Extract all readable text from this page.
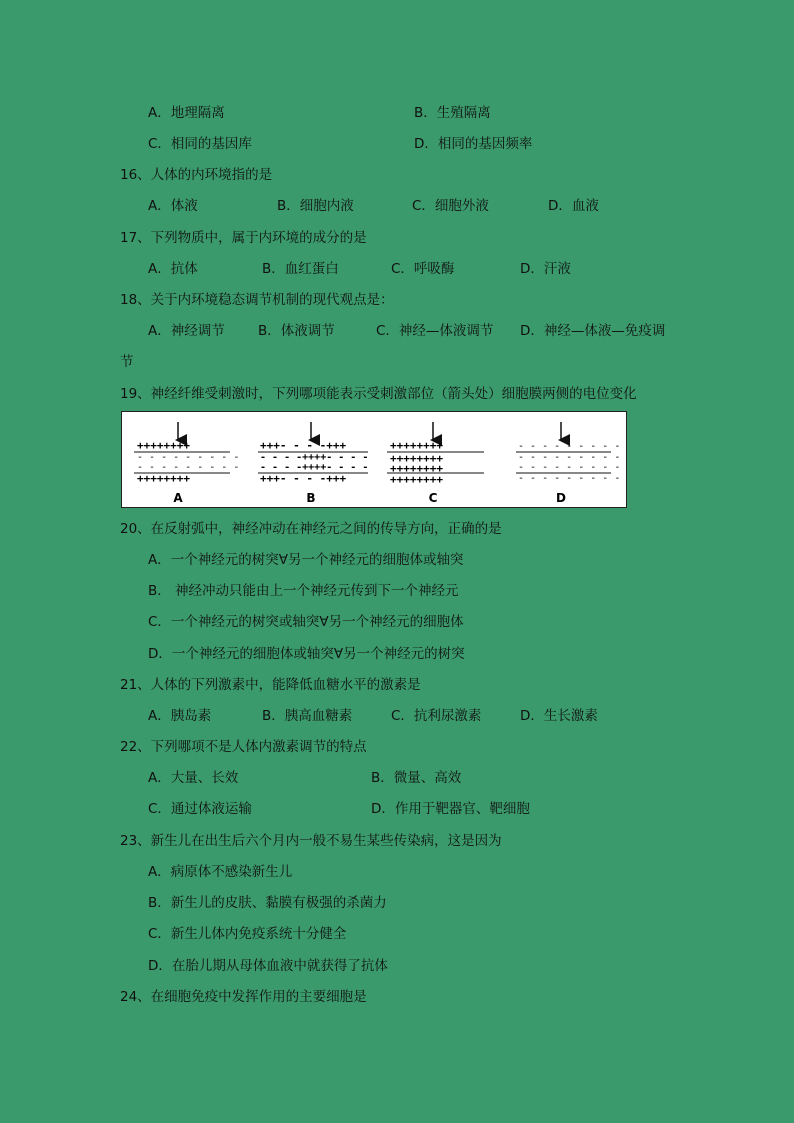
A．地理隔离	B．生殖隔离
C．相同的基因库	D．相同的基因频率
16、人体的内环境指的是
A．体液	B．细胞内液	C．细胞外液	D．血液
17、下列物质中，属于内环境的成分的是
A．抗体	B．血红蛋白	C．呼吸酶	D．汗液
18、关于内环境稳态调节机制的现代观点是：
A．神经调节 B．体液调节	C．神经—体液调节 D．神经—体液—免疫调
节
19、神经纤维受刺激时，下列哪项能表示受刺激部位（箭头处）细胞膜两侧的电位变化
++++++++
- - - - - - - - -
- - - - - - - - -
++++++++
A
+++- - - -+++
- - - -++++- - - -
- - - -++++- - - -
+++- - - -+++
B
++++++++
++++++++
++++++++
++++++++
C
- - - - - - - - -
- - - - - - - - -
- - - - - - - - -
- - - - - - - - -
D
20、在反射弧中，神经冲动在神经元之间的传导方向，正确的是
A．一个神经元的树突∀另一个神经元的细胞体或轴突
B． 神经冲动只能由上一个神经元传到下一个神经元
C．一个神经元的树突或轴突∀另一个神经元的细胞体
D．一个神经元的细胞体或轴突∀另一个神经元的树突
21、人体的下列激素中，能降低血糖水平的激素是
A．胰岛素	B．胰高血糖素	C．抗利尿激素	D．生长激素
22、下列哪项不是人体内激素调节的特点
A．大量、长效	B．微量、高效
C．通过体液运输	D．作用于靶器官、靶细胞
23、新生儿在出生后六个月内一般不易生某些传染病，这是因为
A．病原体不感染新生儿
B．新生儿的皮肤、黏膜有极强的杀菌力
C．新生儿体内免疫系统十分健全
D．在胎儿期从母体血液中就获得了抗体
24、在细胞免疫中发挥作用的主要细胞是
